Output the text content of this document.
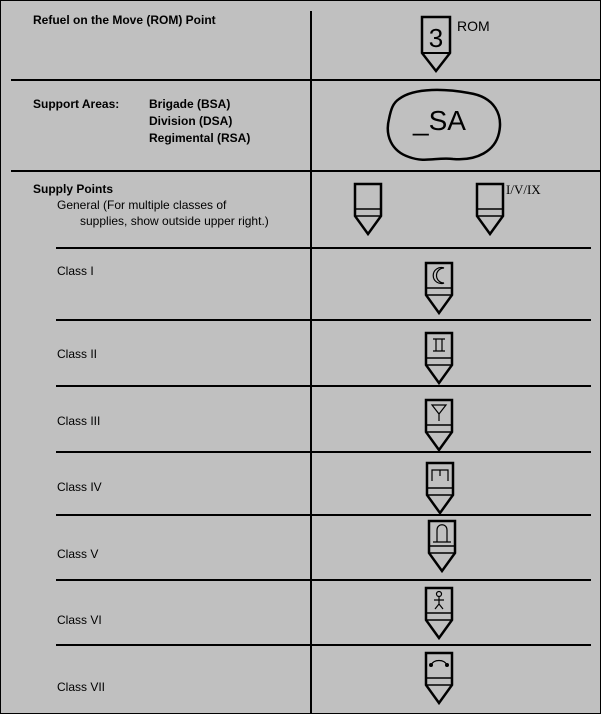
Refuel on the Move (ROM) Point
3 ROM
Support Areas: Brigade (BSA)
Division (DSA)
Regimental (RSA)
_SA
Supply Points
General (For multiple classes of
supplies, show outside upper right.)
I/V/IX
Class I
Class II
Class III
Class IV
Class V
Class VI
Class VII
